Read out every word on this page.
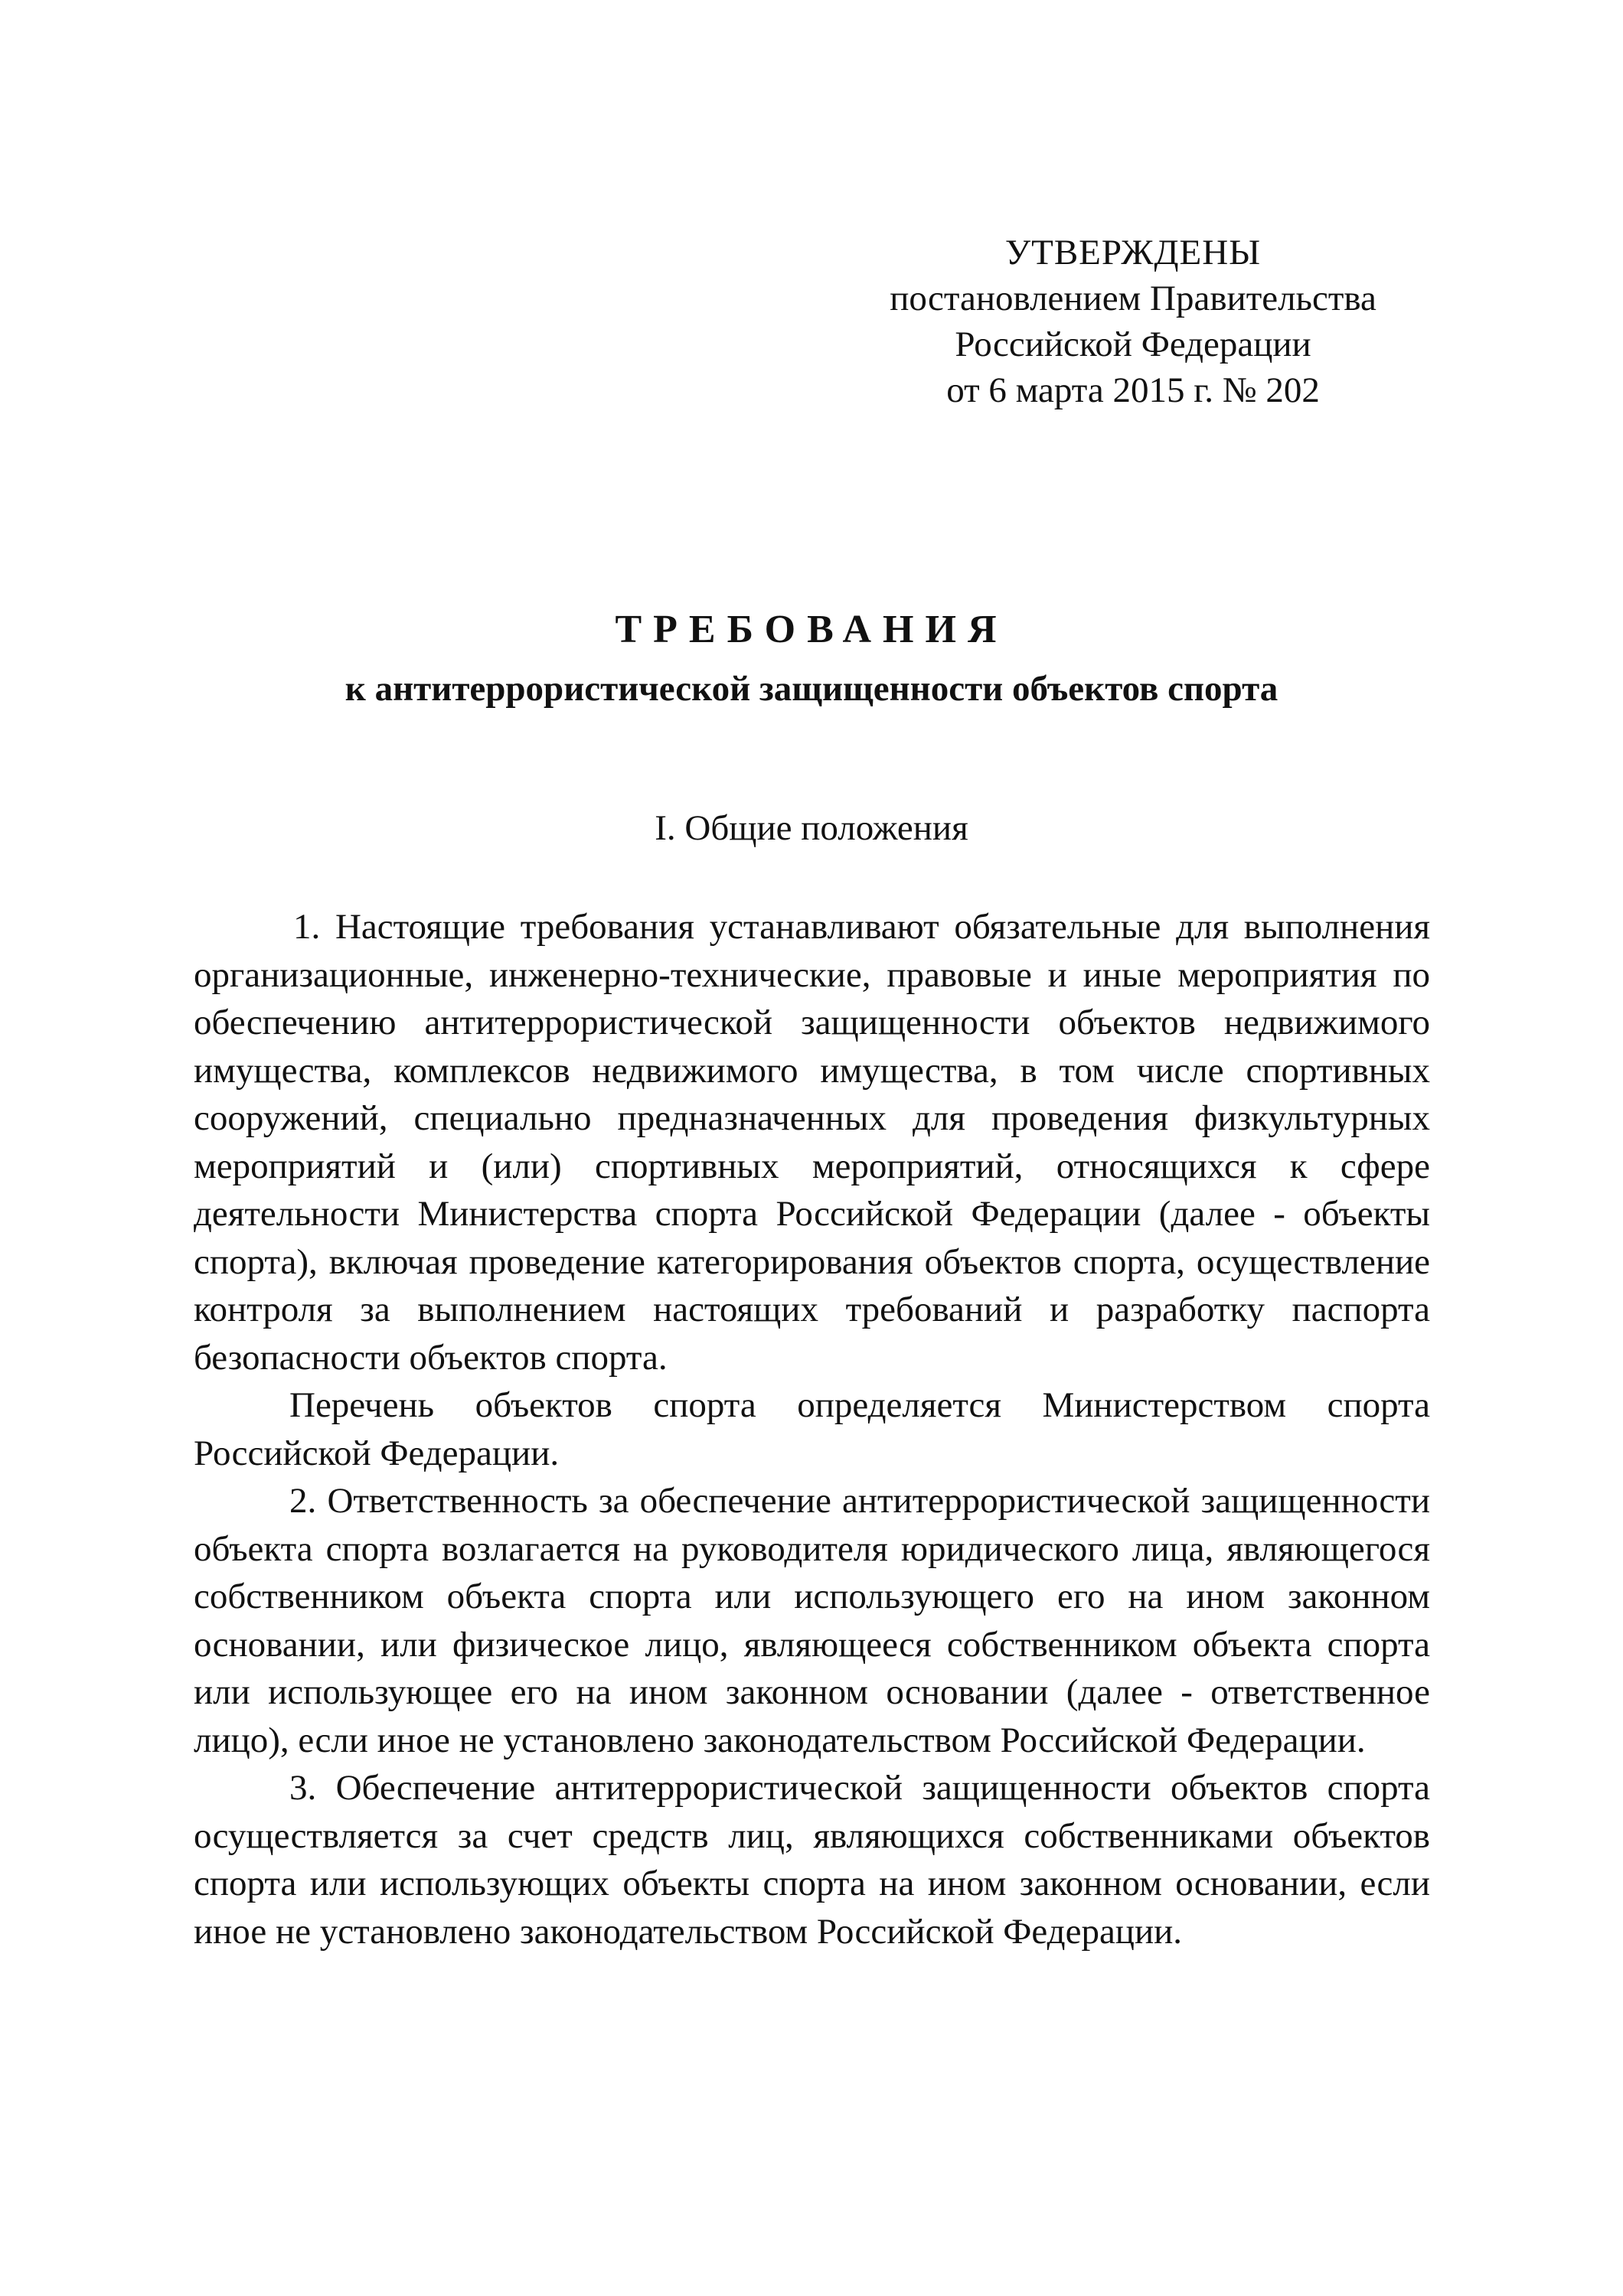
УТВЕРЖДЕНЫ
постановлением Правительства
Российской Федерации
от 6 марта 2015 г. № 202
ТРЕБОВАНИЯ
к антитеррористической защищенности объектов спорта
I. Общие положения

1. Настоящие требования устанавливают обязательные для выполнения организационные, инженерно-технические, правовые и иные мероприятия по обеспечению антитеррористической защищенности объектов недвижимого имущества, комплексов недвижимого имущества, в том числе спортивных сооружений, специально предназначенных для проведения физкультурных мероприятий и (или) спортивных мероприятий, относящихся к сфере деятельности Министерства спорта Российской Федерации (далее - объекты спорта), включая проведение категорирования объектов спорта, осуществление контроля за выполнением настоящих требований и разработку паспорта безопасности объектов спорта.

Перечень объектов спорта определяется Министерством спорта Российской Федерации.

2. Ответственность за обеспечение антитеррористической защищенности объекта спорта возлагается на руководителя юридического лица, являющегося собственником объекта спорта или использующего его на ином законном основании, или физическое лицо, являющееся собственником объекта спорта или использующее его на ином законном основании (далее - ответственное лицо), если иное не установлено законодательством Российской Федерации.

3. Обеспечение антитеррористической защищенности объектов спорта осуществляется за счет средств лиц, являющихся собственниками объектов спорта или использующих объекты спорта на ином законном основании, если иное не установлено законодательством Российской Федерации.
